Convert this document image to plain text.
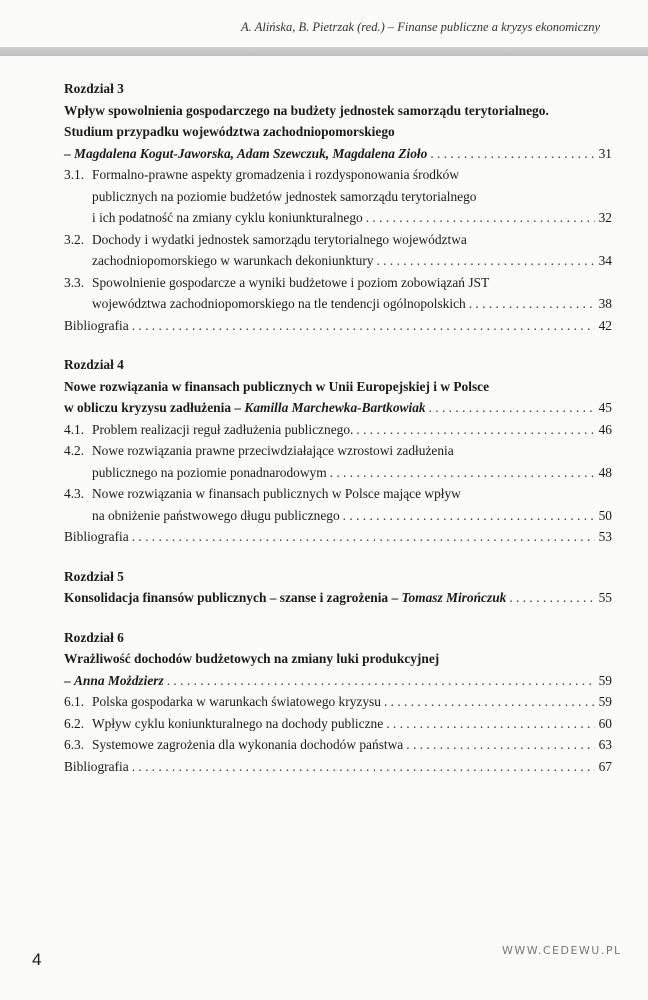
A. Alińska, B. Pietrzak (red.) – Finanse publiczne a kryzys ekonomiczny
Rozdział 3
Wpływ spowolnienia gospodarczego na budżety jednostek samorządu terytorialnego.
Studium przypadku województwa zachodniopomorskiego
– Magdalena Kogut-Jaworska, Adam Szewczuk, Magdalena Zioło . . .	31
3.1. Formalno-prawne aspekty gromadzenia i rozdysponowania środków
publicznych na poziomie budżetów jednostek samorządu terytorialnego
i ich podatność na zmiany cyklu koniunkturalnego . . .	32
3.2. Dochody i wydatki jednostek samorządu terytorialnego województwa
zachodniopomorskiego w warunkach dekoniunktury . . .	34
3.3. Spowolnienie gospodarcze a wyniki budżetowe i poziom zobowiązań JST
województwa zachodniopomorskiego na tle tendencji ogólnopolskich . . .	38
Bibliografia . . .	42
Rozdział 4
Nowe rozwiązania w finansach publicznych w Unii Europejskiej i w Polsce
w obliczu kryzysu zadłużenia – Kamilla Marchewka-Bartkowiak . . .	45
4.1. Problem realizacji reguł zadłużenia publicznego. . . .	46
4.2. Nowe rozwiązania prawne przeciwdziałające wzrostowi zadłużenia
publicznego na poziomie ponadnarodowym . . .	48
4.3. Nowe rozwiązania w finansach publicznych w Polsce mające wpływ
na obniżenie państwowego długu publicznego . . .	50
Bibliografia . . .	53
Rozdział 5
Konsolidacja finansów publicznych – szanse i zagrożenia – Tomasz Mirończuk . . .	55
Rozdział 6
Wrażliwość dochodów budżetowych na zmiany luki produkcyjnej
– Anna Możdzierz . . .	59
6.1. Polska gospodarka w warunkach światowego kryzysu . . .	59
6.2. Wpływ cyklu koniunkturalnego na dochody publiczne . . .	60
6.3. Systemowe zagrożenia dla wykonania dochodów państwa . . .	63
Bibliografia . . .	67
WWW.CEDEWU.PL
4
